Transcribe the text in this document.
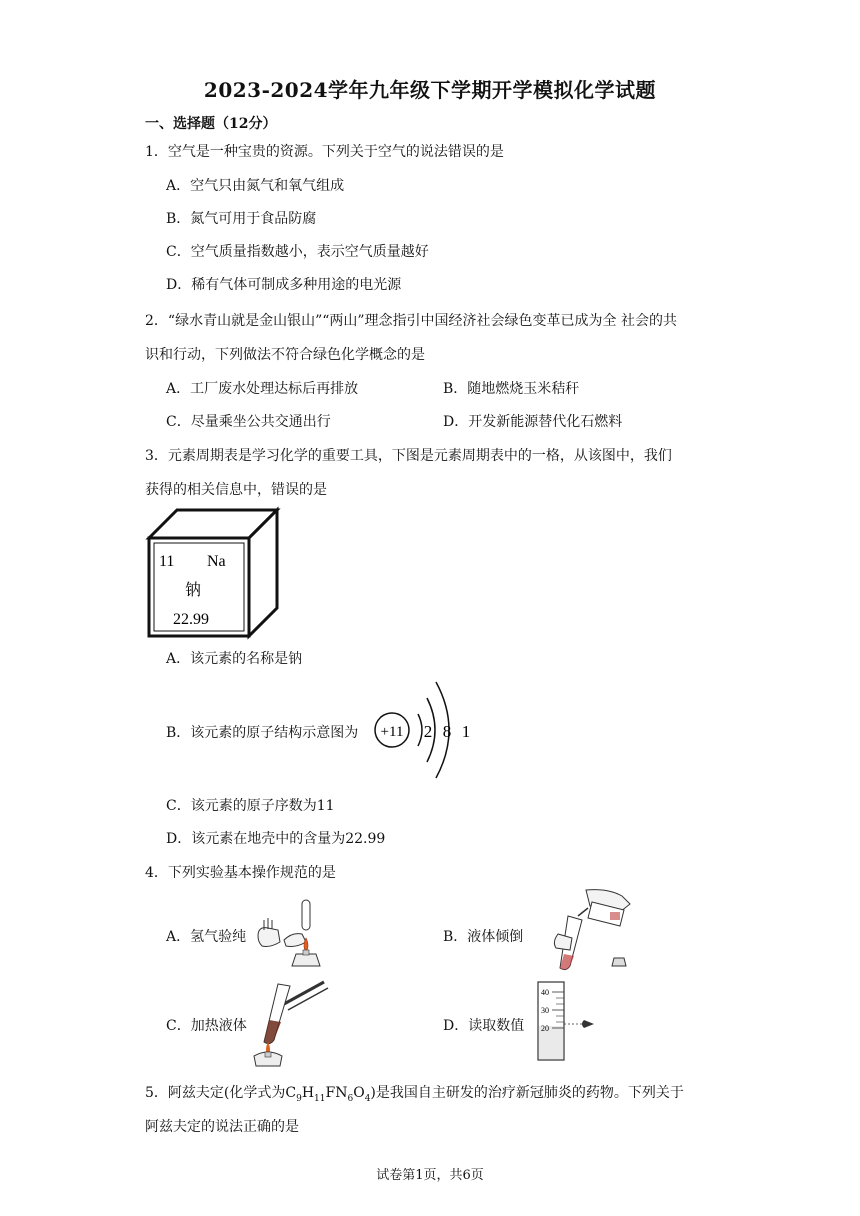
2023-2024学年九年级下学期开学模拟化学试题
一、选择题（12分）
1．空气是一种宝贵的资源。下列关于空气的说法错误的是
A．空气只由氮气和氧气组成
B．氮气可用于食品防腐
C．空气质量指数越小，表示空气质量越好
D．稀有气体可制成多种用途的电光源
2．“绿水青山就是金山银山”“两山”理念指引中国经济社会绿色变革已成为全 社会的共
识和行动，下列做法不符合绿色化学概念的是
A．工厂废水处理达标后再排放	B．随地燃烧玉米秸秆
C．尽量乘坐公共交通出行	D．开发新能源替代化石燃料
3．元素周期表是学习化学的重要工具，下图是元素周期表中的一格，从该图中，我们
获得的相关信息中，错误的是
11 Na
钠
22.99
A．该元素的名称是钠
B．该元素的原子结构示意图为 +11 2 8 1
C．该元素的原子序数为11
D．该元素在地壳中的含量为22.99
4．下列实验基本操作规范的是
A．氢气验纯	B．液体倾倒
C．加热液体	D．读取数值
40
30
20
5．阿兹夫定(化学式为$C_9H_{11}FN_6O_4$)是我国自主研发的治疗新冠肺炎的药物。下列关于
阿兹夫定的说法正确的是
试卷第1页，共6页
